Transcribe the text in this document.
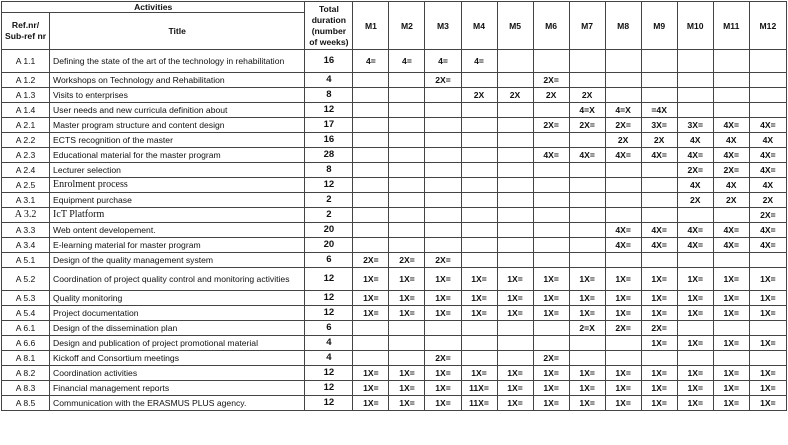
Activities		Total duration (number of weeks)	M1	M2	M3	M4	M5	M6	M7	M8	M9	M10	M11	M12
Ref.nr/ Sub-ref nr	Title													
A 1.1	Defining the state of the art of the technology in rehabilitation	16	4=	4=	4=	4=								
A 1.2	Workshops on Technology and Rehabilitation	4			2X=			2X=						
A 1.3	Visits to enterprises	8				2X	2X	2X	2X					
A 1.4	User needs and new curricula definition about	12							4=X	4=X	=4X			
A 2.1	Master program structure and content design	17						2X=	2X=	2X=	3X=	3X=	4X=	4X=
A 2.2	ECTS recognition of the master	16								2X	2X	4X	4X	4X
A 2.3	Educational material for the master program	28						4X=	4X=	4X=	4X=	4X=	4X=	4X=
A 2.4	Lecturer selection	8										2X=	2X=	4X=
A 2.5	Enrolment process	12										4X	4X	4X
A 3.1	Equipment purchase	2										2X	2X	2X
A 3.2	IcT Platform	2												2X=
A 3.3	Web ontent developement.	20								4X=	4X=	4X=	4X=	4X=
A 3.4	E-learning material for master program	20								4X=	4X=	4X=	4X=	4X=
A 5.1	Design of the quality management system	6	2X=	2X=	2X=									
A 5.2	Coordination of project quality control and monitoring activities	12	1X=	1X=	1X=	1X=	1X=	1X=	1X=	1X=	1X=	1X=	1X=	1X=
A 5.3	Quality monitoring	12	1X=	1X=	1X=	1X=	1X=	1X=	1X=	1X=	1X=	1X=	1X=	1X=
A 5.4	Project documentation	12	1X=	1X=	1X=	1X=	1X=	1X=	1X=	1X=	1X=	1X=	1X=	1X=
A 6.1	Design of the dissemination plan	6							2=X	2X=	2X=			
A 6.6	Design and publication of project promotional material	4									1X=	1X=	1X=	1X=
A 8.1	Kickoff and Consortium meetings	4			2X=			2X=						
A 8.2	Coordination activities	12	1X=	1X=	1X=	1X=	1X=	1X=	1X=	1X=	1X=	1X=	1X=	1X=
A 8.3	Financial management reports	12	1X=	1X=	1X=	11X=	1X=	1X=	1X=	1X=	1X=	1X=	1X=	1X=
A 8.5	Communication with the ERASMUS PLUS agency.	12	1X=	1X=	1X=	11X=	1X=	1X=	1X=	1X=	1X=	1X=	1X=	1X=
